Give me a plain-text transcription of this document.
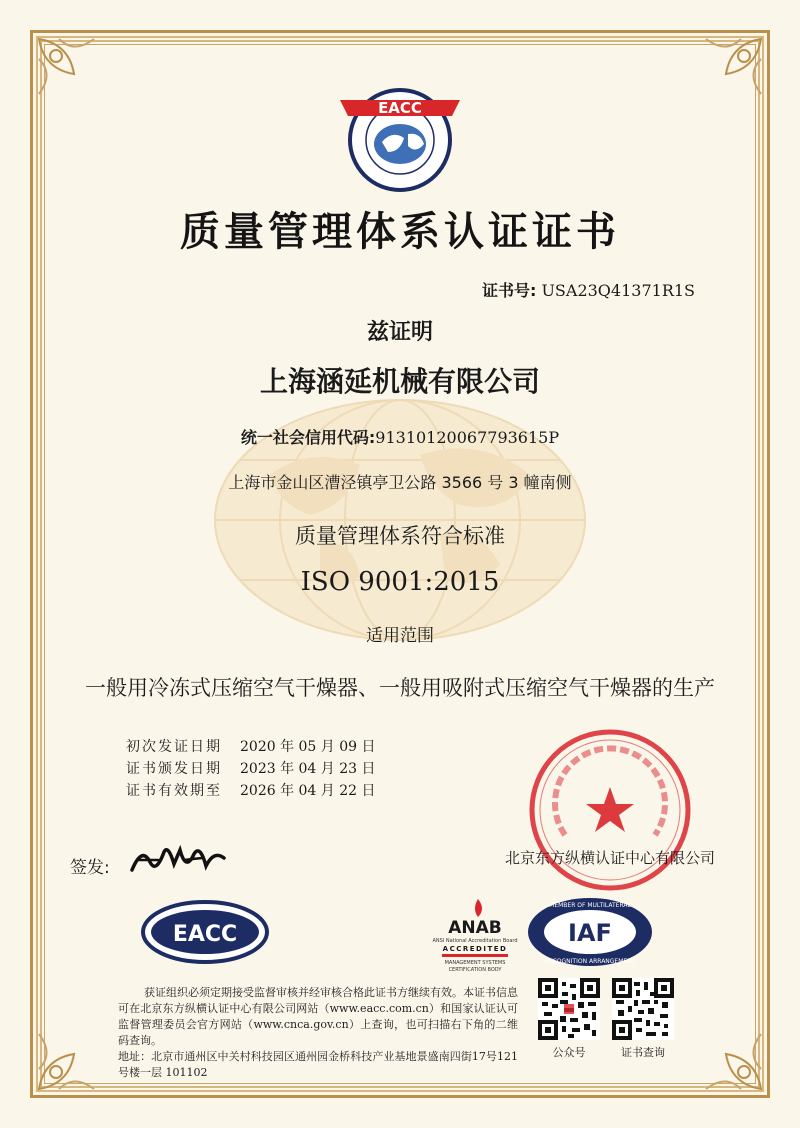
EACC
质量管理体系认证证书
证书号: USA23Q41371R1S
兹证明
上海涵延机械有限公司
统一社会信用代码:91310120067793615P
上海市金山区漕泾镇亭卫公路 3566 号 3 幢南侧
质量管理体系符合标准
ISO 9001:2015
适用范围
一般用冷冻式压缩空气干燥器、一般用吸附式压缩空气干燥器的生产
初次发证日期 2020 年 05 月 09 日
证书颁发日期 2023 年 04 月 23 日
证书有效期至 2026 年 04 月 22 日
北京东方纵横认证中心有限公司
签发:
EACC	ANAB
ANSI National Accreditation Board
ACCREDITED
MANAGEMENT SYSTEMS
CERTIFICATION BODY
IAF
MEMBER OF MULTILATERAL
RECOGNITION ARRANGEMENT
获证组织必须定期接受监督审核并经审核合格此证书方继续有效。本证书信息可在北京东方纵横认证中心有限公司网站（www.eacc.com.cn）和国家认证认可监督管理委员会官方网站（www.cnca.gov.cn）上查询，也可扫描右下角的二维码查询。
地址：北京市通州区中关村科技园区通州园金桥科技产业基地景盛南四街17号121号楼一层 101102
公众号	证书查询
